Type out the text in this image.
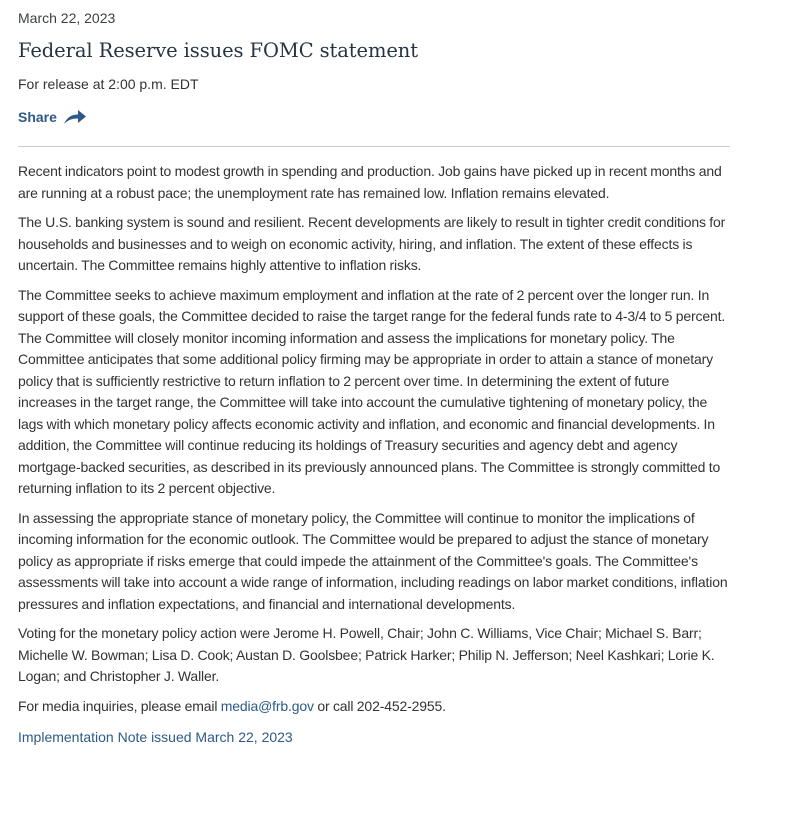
March 22, 2023
Federal Reserve issues FOMC statement
For release at 2:00 p.m. EDT
Share

Recent indicators point to modest growth in spending and production. Job gains have picked up in recent months and are running at a robust pace; the unemployment rate has remained low. Inflation remains elevated.

The U.S. banking system is sound and resilient. Recent developments are likely to result in tighter credit conditions for households and businesses and to weigh on economic activity, hiring, and inflation. The extent of these effects is uncertain. The Committee remains highly attentive to inflation risks.

The Committee seeks to achieve maximum employment and inflation at the rate of 2 percent over the longer run. In support of these goals, the Committee decided to raise the target range for the federal funds rate to 4-3/4 to 5 percent. The Committee will closely monitor incoming information and assess the implications for monetary policy. The Committee anticipates that some additional policy firming may be appropriate in order to attain a stance of monetary policy that is sufficiently restrictive to return inflation to 2 percent over time. In determining the extent of future increases in the target range, the Committee will take into account the cumulative tightening of monetary policy, the lags with which monetary policy affects economic activity and inflation, and economic and financial developments. In addition, the Committee will continue reducing its holdings of Treasury securities and agency debt and agency mortgage-backed securities, as described in its previously announced plans. The Committee is strongly committed to returning inflation to its 2 percent objective.

In assessing the appropriate stance of monetary policy, the Committee will continue to monitor the implications of incoming information for the economic outlook. The Committee would be prepared to adjust the stance of monetary policy as appropriate if risks emerge that could impede the attainment of the Committee's goals. The Committee's assessments will take into account a wide range of information, including readings on labor market conditions, inflation pressures and inflation expectations, and financial and international developments.

Voting for the monetary policy action were Jerome H. Powell, Chair; John C. Williams, Vice Chair; Michael S. Barr; Michelle W. Bowman; Lisa D. Cook; Austan D. Goolsbee; Patrick Harker; Philip N. Jefferson; Neel Kashkari; Lorie K. Logan; and Christopher J. Waller.

For media inquiries, please email media@frb.gov or call 202-452-2955.

Implementation Note issued March 22, 2023
